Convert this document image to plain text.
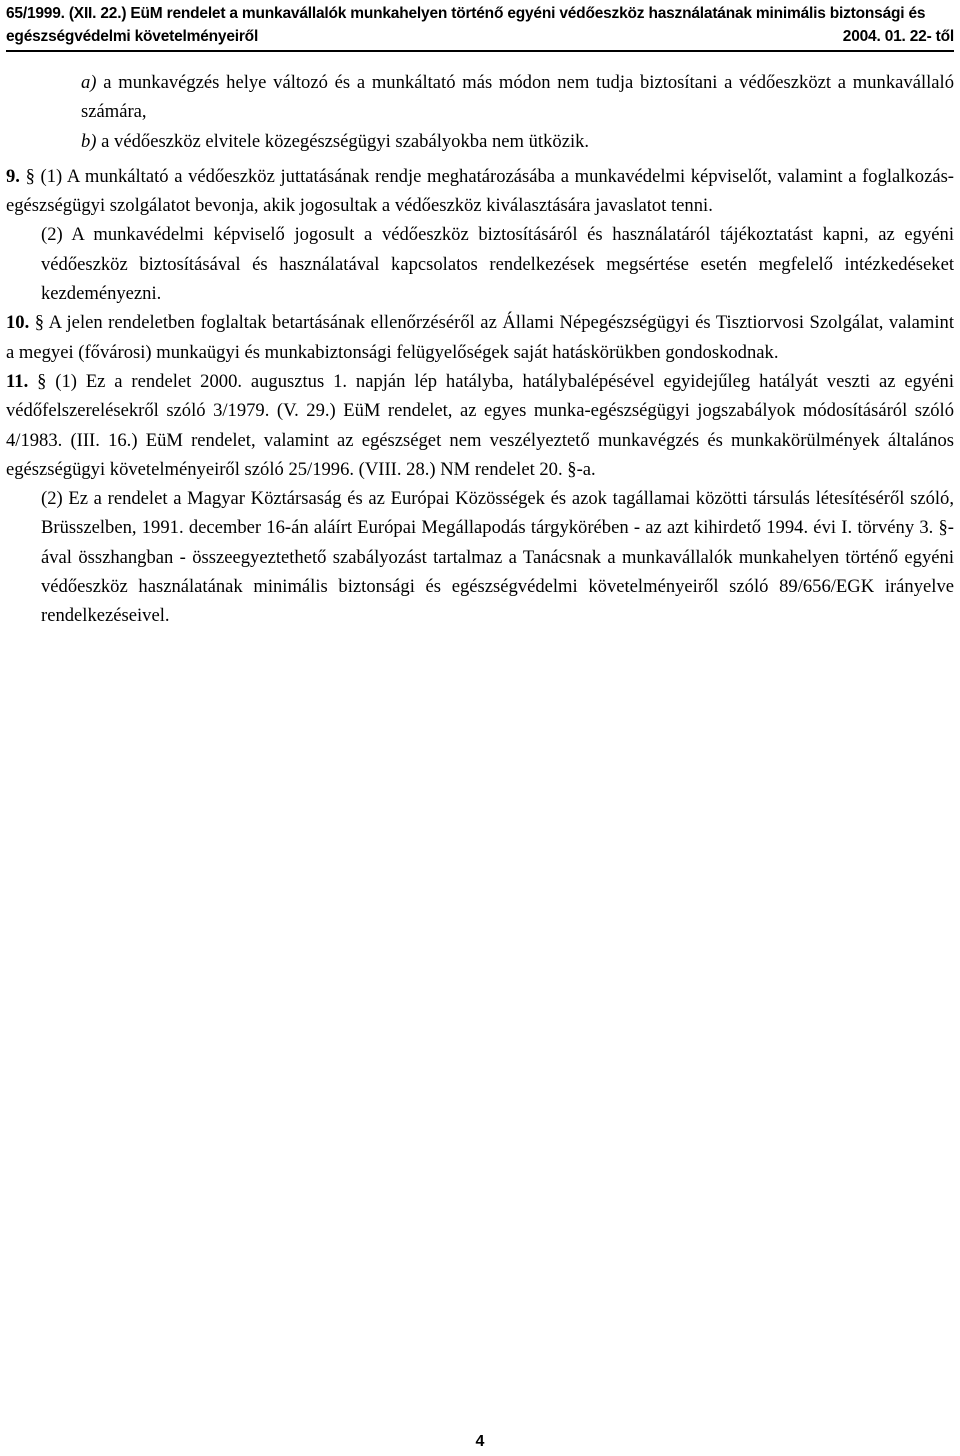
65/1999. (XII. 22.) EüM rendelet a munkavállalók munkahelyen történő egyéni védőeszköz használatának minimális biztonsági és
egészségvédelmi követelményeiről	2004. 01. 22- től

a) a munkavégzés helye változó és a munkáltató más módon nem tudja biztosítani a védőeszközt a munkavállaló számára,

b) a védőeszköz elvitele közegészségügyi szabályokba nem ütközik.

9. § (1) A munkáltató a védőeszköz juttatásának rendje meghatározásába a munkavédelmi képviselőt, valamint a foglalkozás-egészségügyi szolgálatot bevonja, akik jogosultak a védőeszköz kiválasztására javaslatot tenni.

(2) A munkavédelmi képviselő jogosult a védőeszköz biztosításáról és használatáról tájékoztatást kapni, az egyéni védőeszköz biztosításával és használatával kapcsolatos rendelkezések megsértése esetén megfelelő intézkedéseket kezdeményezni.

10. § A jelen rendeletben foglaltak betartásának ellenőrzéséről az Állami Népegészségügyi és Tisztiorvosi Szolgálat, valamint a megyei (fővárosi) munkaügyi és munkabiztonsági felügyelőségek saját hatáskörükben gondoskodnak.

11. § (1) Ez a rendelet 2000. augusztus 1. napján lép hatályba, hatálybalépésével egyidejűleg hatályát veszti az egyéni védőfelszerelésekről szóló 3/1979. (V. 29.) EüM rendelet, az egyes munka-egészségügyi jogszabályok módosításáról szóló 4/1983. (III. 16.) EüM rendelet, valamint az egészséget nem veszélyeztető munkavégzés és munkakörülmények általános egészségügyi követelményeiről szóló 25/1996. (VIII. 28.) NM rendelet 20. §-a.

(2) Ez a rendelet a Magyar Köztársaság és az Európai Közösségek és azok tagállamai közötti társulás létesítéséről szóló, Brüsszelben, 1991. december 16-án aláírt Európai Megállapodás tárgykörében - az azt kihirdető 1994. évi I. törvény 3. §-ával összhangban - összeegyeztethető szabályozást tartalmaz a Tanácsnak a munkavállalók munkahelyen történő egyéni védőeszköz használatának minimális biztonsági és egészségvédelmi követelményeiről szóló 89/656/EGK irányelve rendelkezéseivel.

4
